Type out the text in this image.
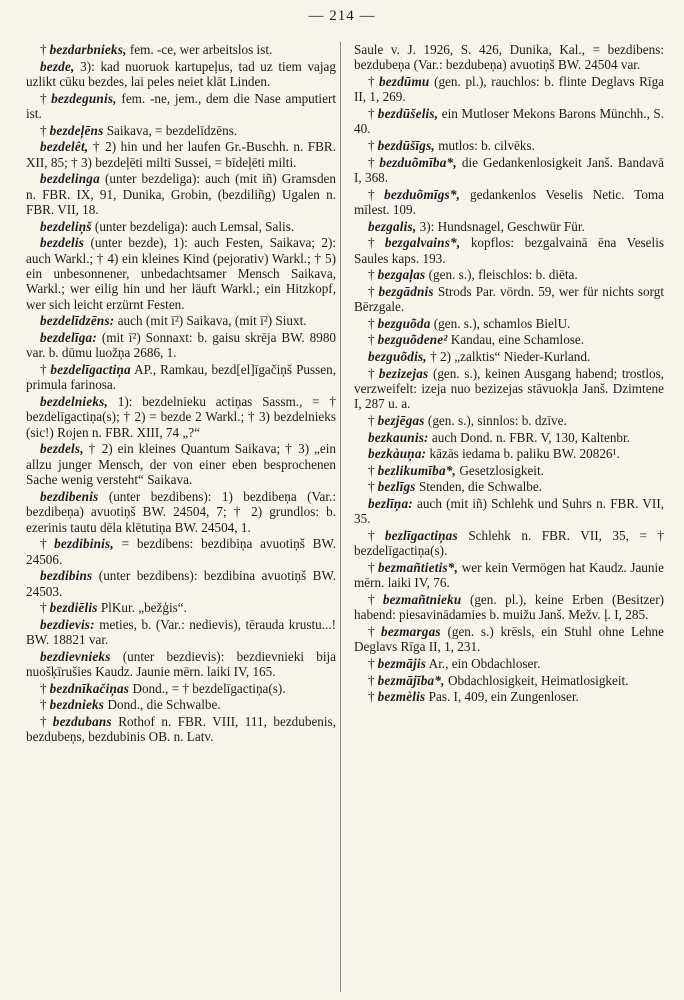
— 214 —
† bezdarbnieks, fem. -ce, wer arbeitslos ist.
bezde, 3): kad nuoruok kartupeļus, tad uz tiem vajag uzlikt cūku bezdes, lai peles neiet klāt Linden.
† bezdegunis, fem. -ne, jem., dem die Nase amputiert ist.
† bezdeļēns Saikava, = bezdelīdzēns.
bezdelêt, † 2) hin und her laufen Gr.-Buschh. n. FBR. XII, 85; † 3) bezdeļēti milti Sussei, = bīdeļēti milti.
bezdelinga (unter bezdeliga): auch (mit iñ) Gramsden n. FBR. IX, 91, Dunika, Grobin, (bezdiliñg) Ugalen n. FBR. VII, 18.
bezdeliņš (unter bezdeliga): auch Lemsal, Salis.
bezdelis (unter bezde), 1): auch Festen, Saikava; 2): auch Warkl.; † 4) ein kleines Kind (pejorativ) Warkl.; † 5) ein unbesonnener, unbedachtsamer Mensch Saikava, Warkl.; wer eilig hin und her läuft Warkl.; ein Hitzkopf, wer sich leicht erzürnt Festen.
bezdelīdzēns: auch (mit ī²) Saikava, (mit ī²) Siuxt.
bezdelīga: (mit ī²) Sonnaxt: b. gaisu skrēja BW. 8980 var. b. dūmu luožņa 2686, 1.
† bezdelīgactiņa AP., Ramkau, bezd[el]īgačiņš Pussen, primula farinosa.
bezdelnieks, 1): bezdelnieku actiņas Sassm., = † bezdelīgactiņa(s); † 2) = bezde 2 Warkl.; † 3) bezdelnieks (sic!) Rojen n. FBR. XIII, 74 „?“
bezdels, † 2) ein kleines Quantum Saikava; † 3) „ein allzu junger Mensch, der von einer eben besprochenen Sache wenig versteht“ Saikava.
bezdibenis (unter bezdibens): 1) bezdibeņa (Var.: bezdibeņa) avuotiņš BW. 24504, 7; † 2) grundlos: b. ezerinis tautu dēla klētutiņa BW. 24504, 1.
† bezdibinis, = bezdibens: bezdibiņa avuotiņš BW. 24506.
bezdibins (unter bezdibens): bezdibina avuotiņš BW. 24503.
† bezdiēlis PlKur. „bežģis“.
bezdievis: meties, b. (Var.: nedievis), tēraudа krustu...! BW. 18821 var.
bezdievnieks (unter bezdievis): bezdievnieki bija nuošķīrušies Kaudz. Jaunie mērn. laiki IV, 165.
† bezdnīkačiņas Dond., = † bezdelīgactiņa(s).
† bezdnieks Dond., die Schwalbe.
† bezdubans Rothof n. FBR. VIII, 111, bezdubenis, bezdubeņs, bezdubinis OB. n. Latv.
Saule v. J. 1926, S. 426, Dunika, Kal., = bezdibens: bezdubeņa (Var.: bezdubeņa) avuotiņš BW. 24504 var.
† bezdūmu (gen. pl.), rauchlos: b. flinte Deglavs Rīga II, 1, 269.
† bezdūšelis, ein Mutloser Mekons Barons Münchh., S. 40.
† bezdūšīgs, mutlos: b. cilvēks.
† bezduõmība*, die Gedankenlosigkeit Janš. Bandavā I, 368.
† bezduõmīgs*, gedankenlos Veselis Netic. Toma mīlest. 109.
bezgalis, 3): Hundsnagel, Geschwür Für.
† bezgalvains*, kopflos: bezgalvainā ēna Veselis Saules kaps. 193.
† bezgaļas (gen. s.), fleischlos: b. diēta.
† bezgādnis Strods Par. vördn. 59, wer für nichts sorgt Bērzgale.
† bezguõda (gen. s.), schamlos BielU.
† bezguõdene² Kandau, eine Schamlose.
bezguõdis, † 2) „zalktis“ Nieder-Kurland.
† bezizejas (gen. s.), keinen Ausgang habend; trostlos, verzweifelt: izeja nuo bezizejas stāvuokļa Janš. Dzimtene I, 287 u. a.
† bezjēgas (gen. s.), sinnlos: b. dzīve.
bezkaunis: auch Dond. n. FBR. V, 130, Kaltenbr.
bezkàuņa: kāzās iedama b. paliku BW. 20826¹.
† bezlikumība*, Gesetzlosigkeit.
† bezlīgs Stenden, die Schwalbe.
bezlīņa: auch (mit iñ) Schlehk und Suhrs n. FBR. VII, 35.
† bezlīgactiņas Schlehk n. FBR. VII, 35, = † bezdelīgactiņa(s).
† bezmañtietis*, wer kein Vermögen hat Kaudz. Jaunie mērn. laiki IV, 76.
† bezmañtnieku (gen. pl.), keine Erben (Besitzer) habend: piesavinādamies b. muižu Janš. Mežv. ļ. I, 285.
† bezmargas (gen. s.) krēsls, ein Stuhl ohne Lehne Deglavs Rīga II, 1, 231.
† bezmājis Ar., ein Obdachloser.
† bezmājība*, Obdachlosigkeit, Heimatlosigkeit.
† bezmèlis Pas. I, 409, ein Zungenloser.
